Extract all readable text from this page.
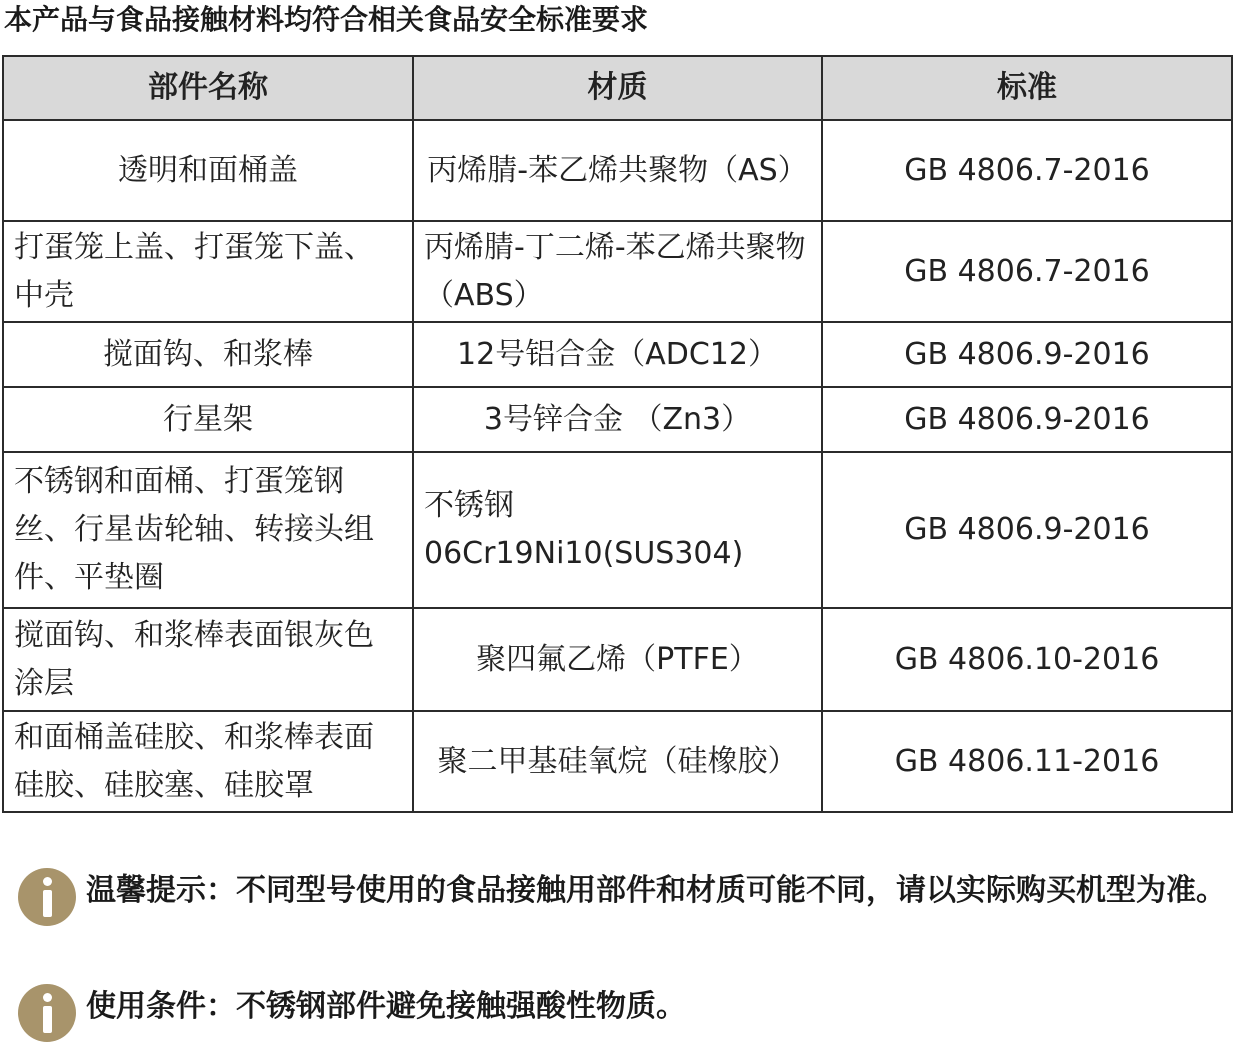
本产品与食品接触材料均符合相关食品安全标准要求
部件名称	材质	标准
透明和面桶盖	丙烯腈-苯乙烯共聚物（AS）	GB 4806.7-2016
打蛋笼上盖、打蛋笼下盖、中壳	丙烯腈-丁二烯-苯乙烯共聚物（ABS）	GB 4806.7-2016
搅面钩、和浆棒	12号铝合金（ADC12）	GB 4806.9-2016
行星架	3号锌合金 （Zn3）	GB 4806.9-2016
不锈钢和面桶、打蛋笼钢丝、行星齿轮轴、转接头组件、平垫圈	不锈钢06Cr19Ni10(SUS304)	GB 4806.9-2016
搅面钩、和浆棒表面银灰色涂层	聚四氟乙烯（PTFE）	GB 4806.10-2016
和面桶盖硅胶、和浆棒表面硅胶、硅胶塞、硅胶罩	聚二甲基硅氧烷（硅橡胶）	GB 4806.11-2016
温馨提示：不同型号使用的食品接触用部件和材质可能不同，请以实际购买机型为准。
使用条件：不锈钢部件避免接触强酸性物质。
